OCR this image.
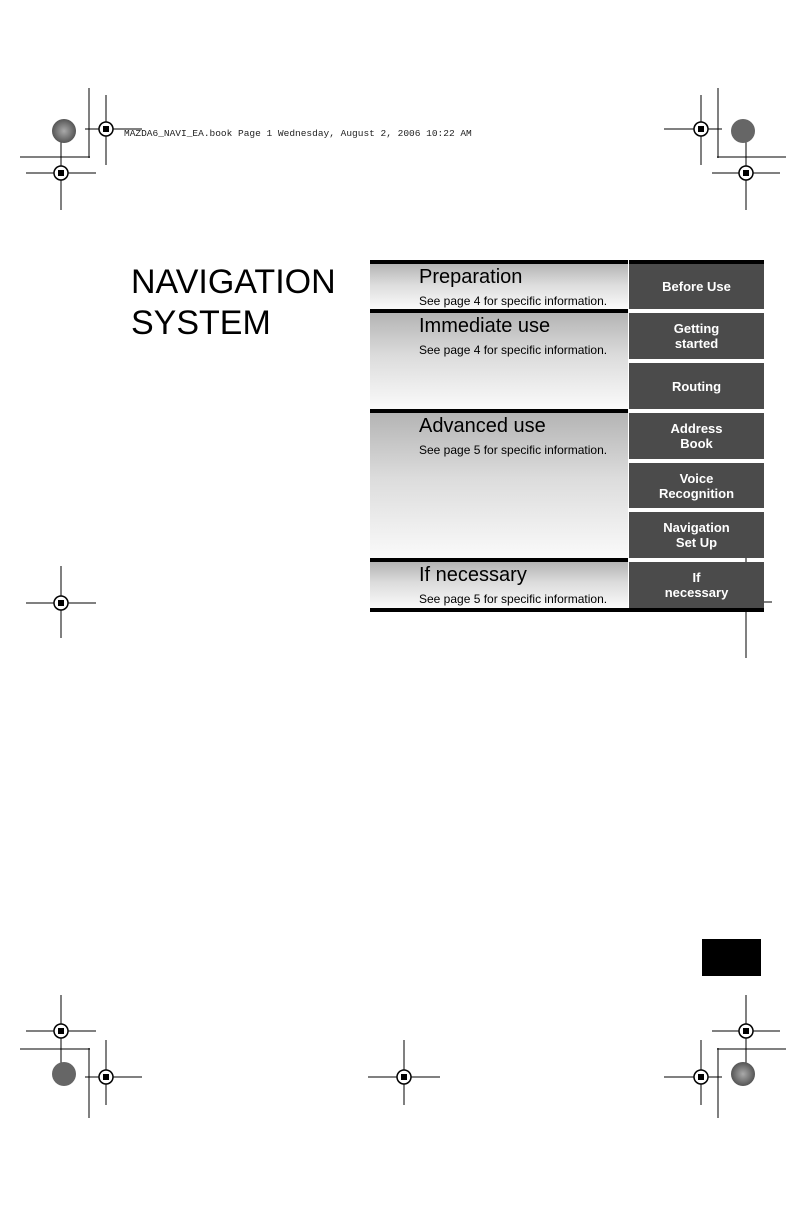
MAZDA6_NAVI_EA.book Page 1 Wednesday, August 2, 2006 10:22 AM
NAVIGATION
SYSTEM
Preparation
See page 4 for specific information.
Immediate use
See page 4 for specific information.
Advanced use
See page 5 for specific information.
If necessary
See page 5 for specific information.
Before Use
Getting
started
Routing
Address
Book
Voice
Recognition
Navigation
Set Up
If
necessary
